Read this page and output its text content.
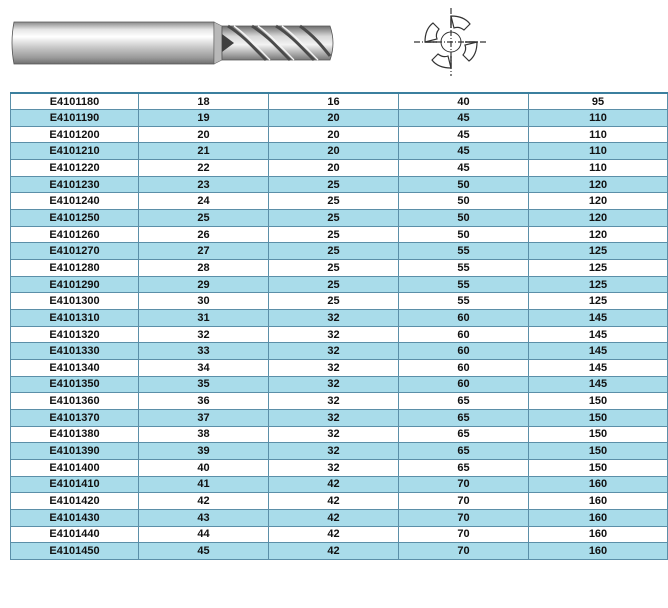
E4101180	18	16	40	95
E4101190	19	20	45	110
E4101200	20	20	45	110
E4101210	21	20	45	110
E4101220	22	20	45	110
E4101230	23	25	50	120
E4101240	24	25	50	120
E4101250	25	25	50	120
E4101260	26	25	50	120
E4101270	27	25	55	125
E4101280	28	25	55	125
E4101290	29	25	55	125
E4101300	30	25	55	125
E4101310	31	32	60	145
E4101320	32	32	60	145
E4101330	33	32	60	145
E4101340	34	32	60	145
E4101350	35	32	60	145
E4101360	36	32	65	150
E4101370	37	32	65	150
E4101380	38	32	65	150
E4101390	39	32	65	150
E4101400	40	32	65	150
E4101410	41	42	70	160
E4101420	42	42	70	160
E4101430	43	42	70	160
E4101440	44	42	70	160
E4101450	45	42	70	160
